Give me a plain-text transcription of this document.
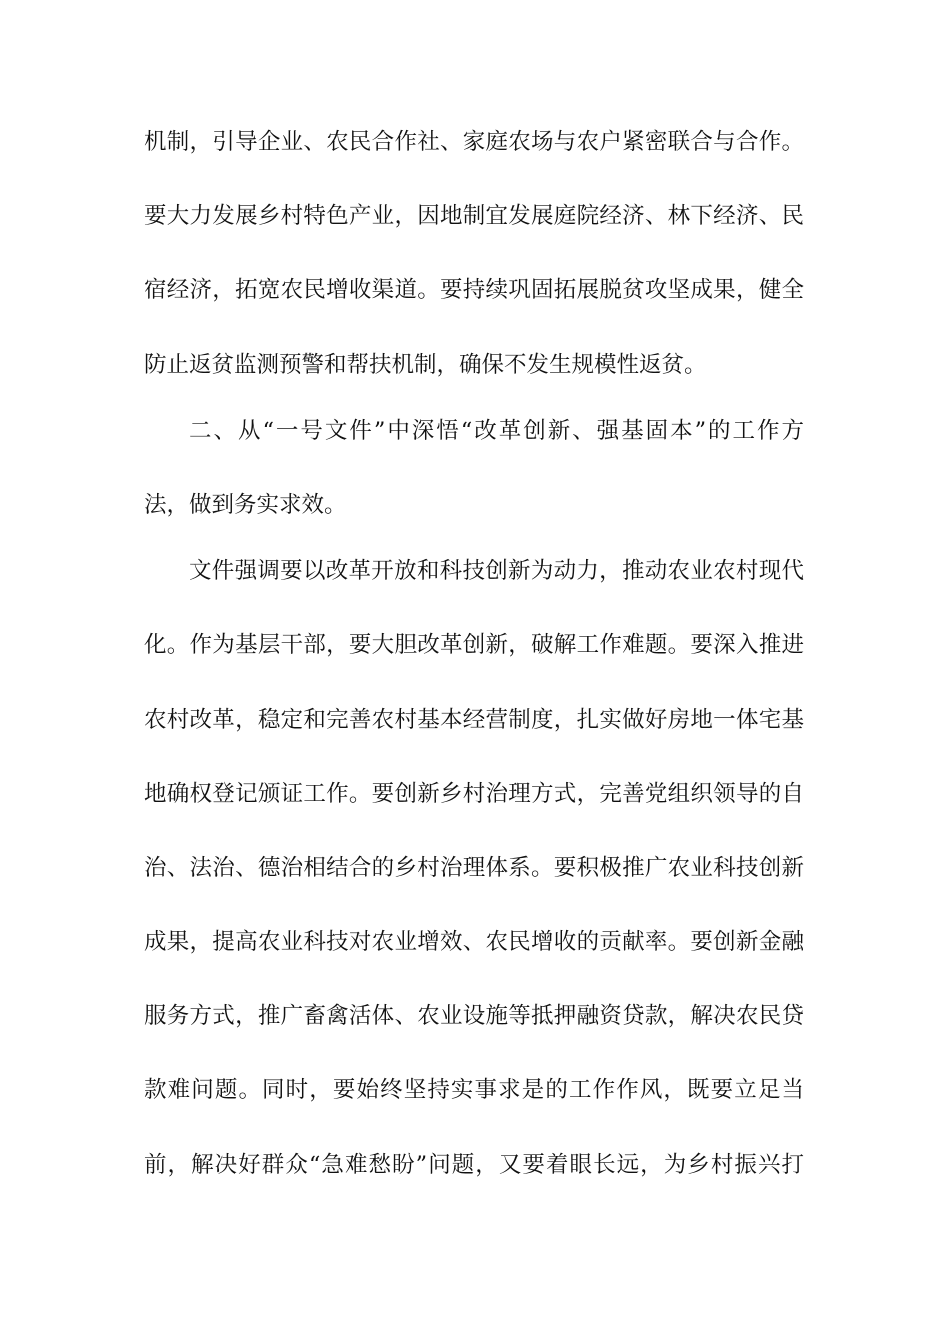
机制，引导企业、农民合作社、家庭农场与农户紧密联合与合作。
要大力发展乡村特色产业，因地制宜发展庭院经济、林下经济、民
宿经济，拓宽农民增收渠道。要持续巩固拓展脱贫攻坚成果，健全
防止返贫监测预警和帮扶机制，确保不发生规模性返贫。
二、从“一号文件”中深悟“改革创新、强基固本”的工作方
法，做到务实求效。
文件强调要以改革开放和科技创新为动力，推动农业农村现代
化。作为基层干部，要大胆改革创新，破解工作难题。要深入推进
农村改革，稳定和完善农村基本经营制度，扎实做好房地一体宅基
地确权登记颁证工作。要创新乡村治理方式，完善党组织领导的自
治、法治、德治相结合的乡村治理体系。要积极推广农业科技创新
成果，提高农业科技对农业增效、农民增收的贡献率。要创新金融
服务方式，推广畜禽活体、农业设施等抵押融资贷款，解决农民贷
款难问题。同时，要始终坚持实事求是的工作作风，既要立足当
前，解决好群众“急难愁盼”问题，又要着眼长远，为乡村振兴打
